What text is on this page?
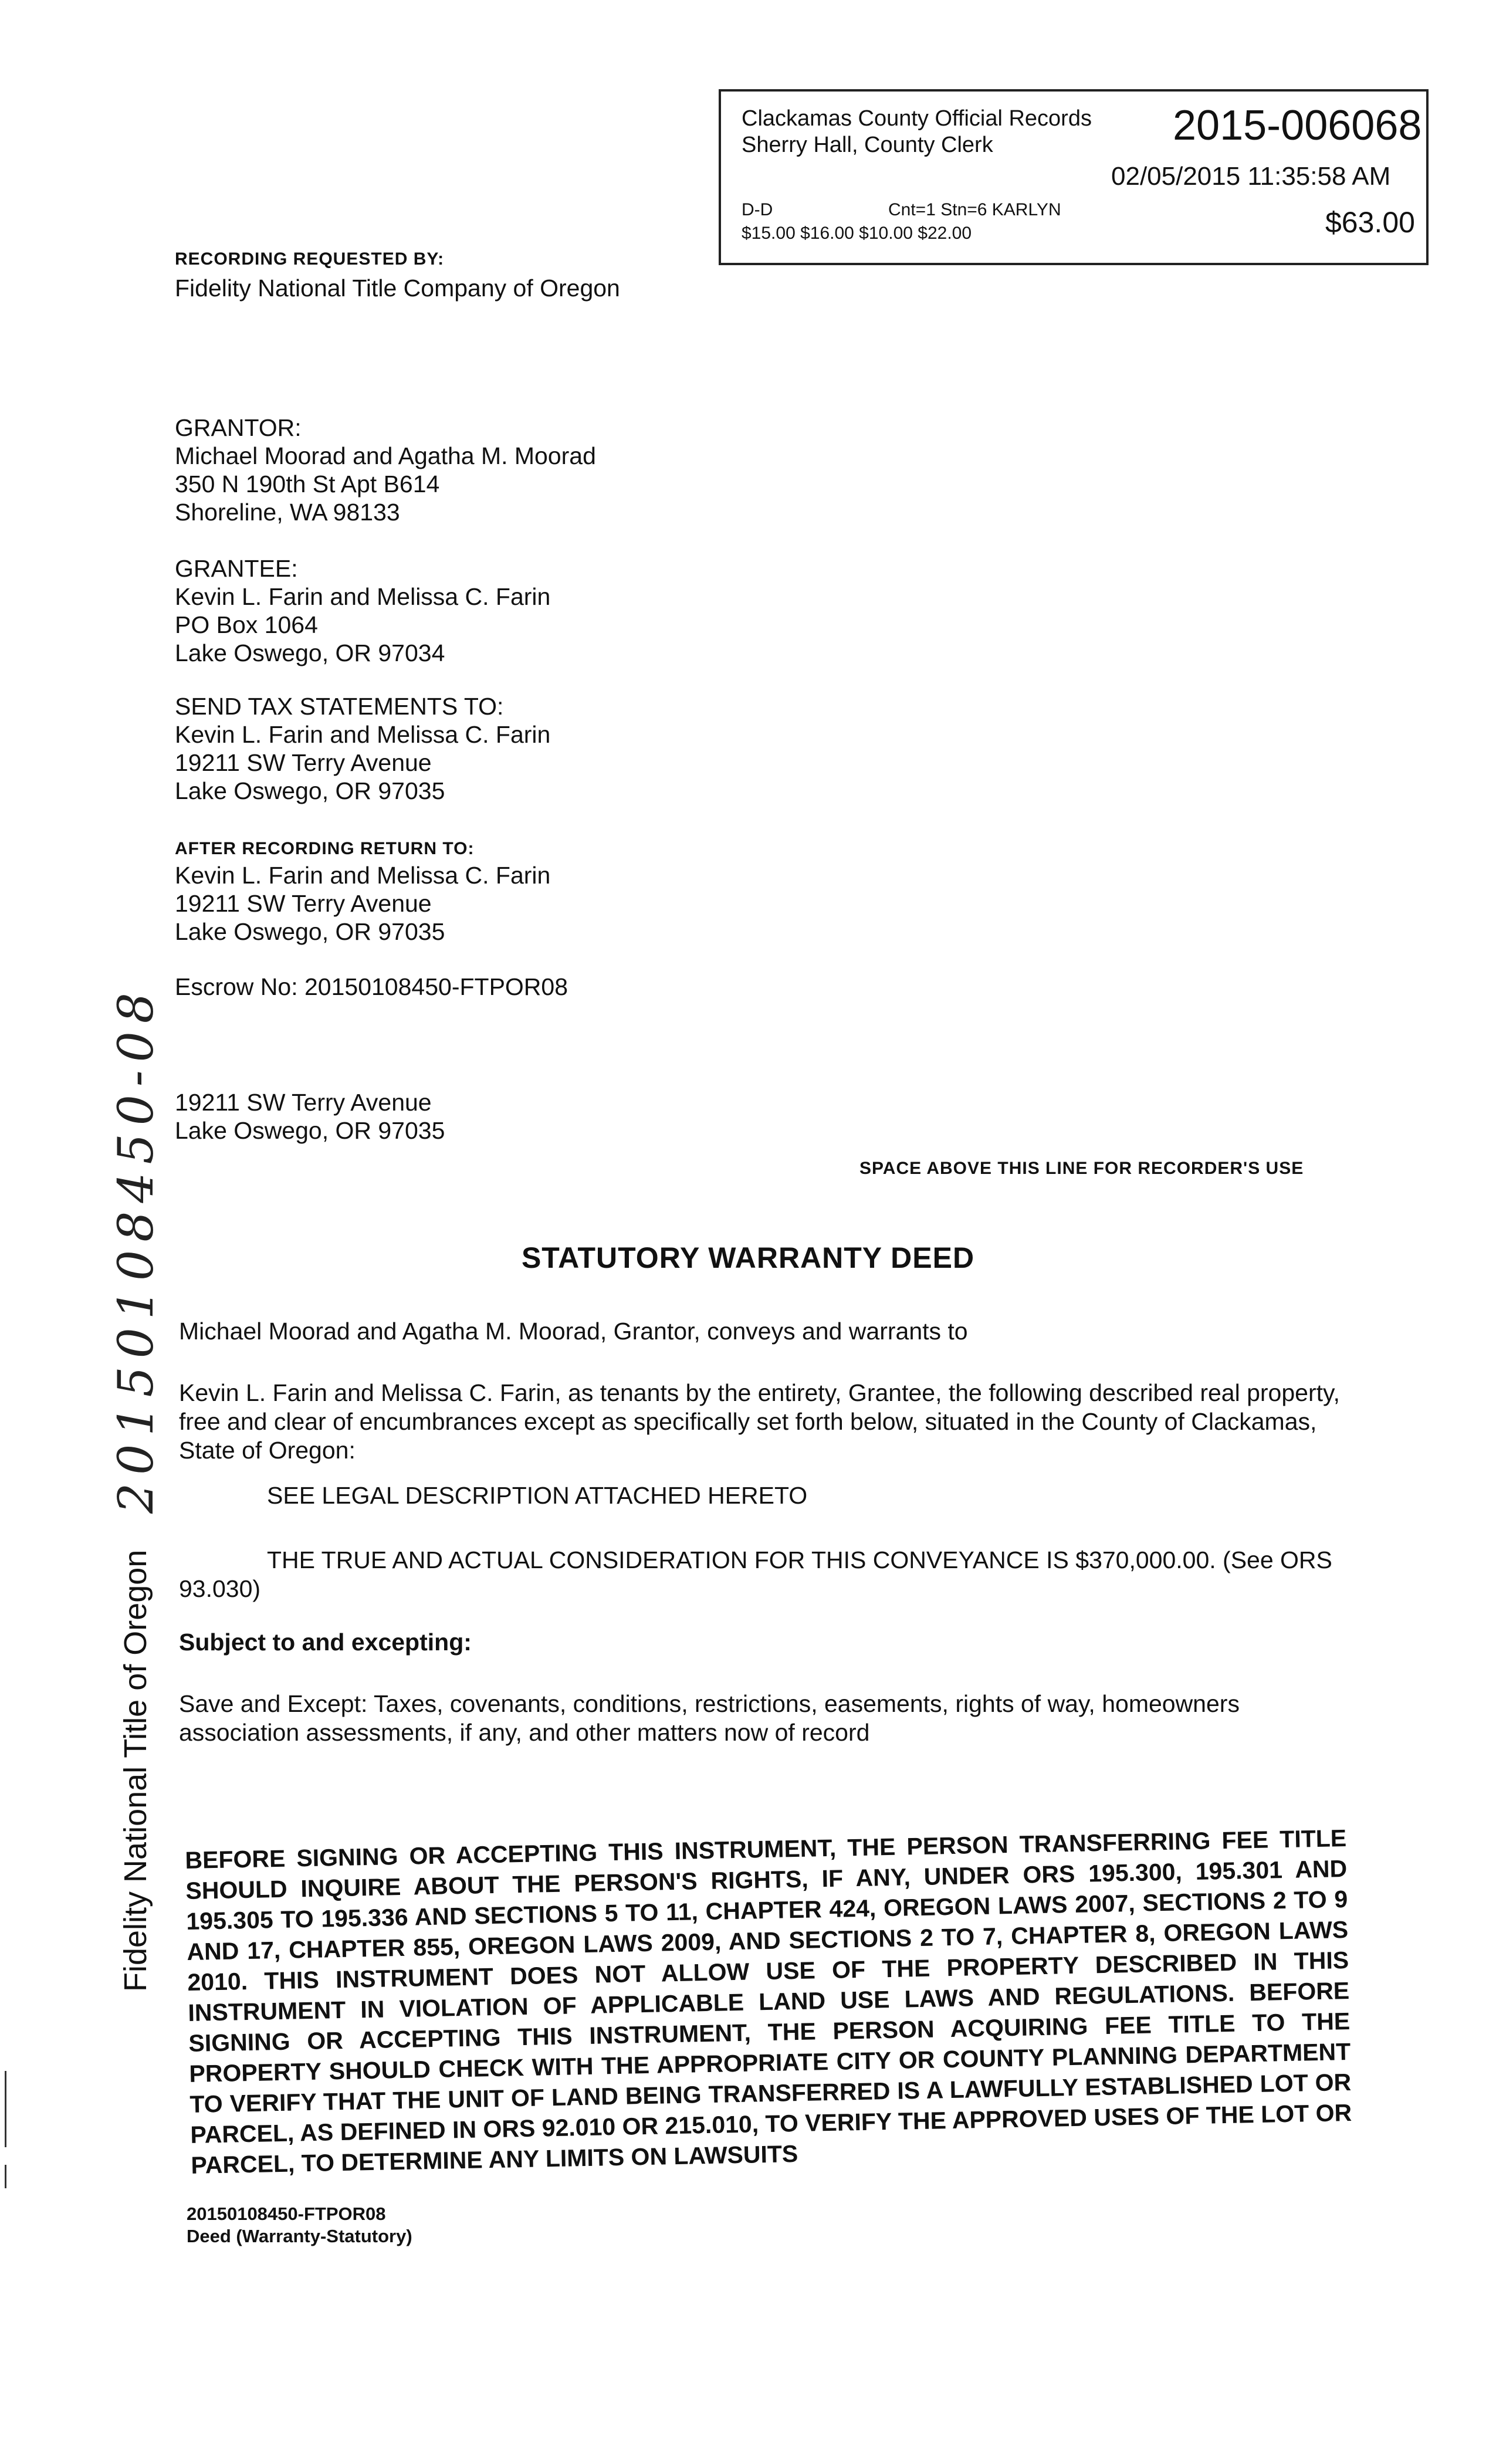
Clackamas County Official Records
Sherry Hall, County Clerk	2015-006068
02/05/2015 11:35:58 AM
D-D	Cnt=1 Stn=6 KARLYN
$15.00 $16.00 $10.00 $22.00	$63.00
RECORDING REQUESTED BY:
Fidelity National Title Company of Oregon
GRANTOR:
Michael Moorad and Agatha M. Moorad
350 N 190th St Apt B614
Shoreline, WA 98133
GRANTEE:
Kevin L. Farin and Melissa C. Farin
PO Box 1064
Lake Oswego, OR 97034
SEND TAX STATEMENTS TO:
Kevin L. Farin and Melissa C. Farin
19211 SW Terry Avenue
Lake Oswego, OR 97035
AFTER RECORDING RETURN TO:
Kevin L. Farin and Melissa C. Farin
19211 SW Terry Avenue
Lake Oswego, OR 97035
Escrow No: 20150108450-FTPOR08
19211 SW Terry Avenue
Lake Oswego, OR 97035
SPACE ABOVE THIS LINE FOR RECORDER'S USE
STATUTORY WARRANTY DEED
Michael Moorad and Agatha M. Moorad, Grantor, conveys and warrants to
Kevin L. Farin and Melissa C. Farin, as tenants by the entirety, Grantee, the following described real property, free and clear of encumbrances except as specifically set forth below, situated in the County of Clackamas, State of Oregon:
SEE LEGAL DESCRIPTION ATTACHED HERETO
THE TRUE AND ACTUAL CONSIDERATION FOR THIS CONVEYANCE IS $370,000.00. (See ORS 93.030)
Subject to and excepting:
Save and Except: Taxes, covenants, conditions, restrictions, easements, rights of way, homeowners association assessments, if any, and other matters now of record
BEFORE SIGNING OR ACCEPTING THIS INSTRUMENT, THE PERSON TRANSFERRING FEE TITLE SHOULD INQUIRE ABOUT THE PERSON'S RIGHTS, IF ANY, UNDER ORS 195.300, 195.301 AND 195.305 TO 195.336 AND SECTIONS 5 TO 11, CHAPTER 424, OREGON LAWS 2007, SECTIONS 2 TO 9 AND 17, CHAPTER 855, OREGON LAWS 2009, AND SECTIONS 2 TO 7, CHAPTER 8, OREGON LAWS 2010. THIS INSTRUMENT DOES NOT ALLOW USE OF THE PROPERTY DESCRIBED IN THIS INSTRUMENT IN VIOLATION OF APPLICABLE LAND USE LAWS AND REGULATIONS. BEFORE SIGNING OR ACCEPTING THIS INSTRUMENT, THE PERSON ACQUIRING FEE TITLE TO THE PROPERTY SHOULD CHECK WITH THE APPROPRIATE CITY OR COUNTY PLANNING DEPARTMENT TO VERIFY THAT THE UNIT OF LAND BEING TRANSFERRED IS A LAWFULLY ESTABLISHED LOT OR PARCEL, AS DEFINED IN ORS 92.010 OR 215.010, TO VERIFY THE APPROVED USES OF THE LOT OR PARCEL, TO DETERMINE ANY LIMITS ON LAWSUITS
20150108450-FTPOR08
Deed (Warranty-Statutory)
Fidelity National Title of Oregon
20150108450-08
